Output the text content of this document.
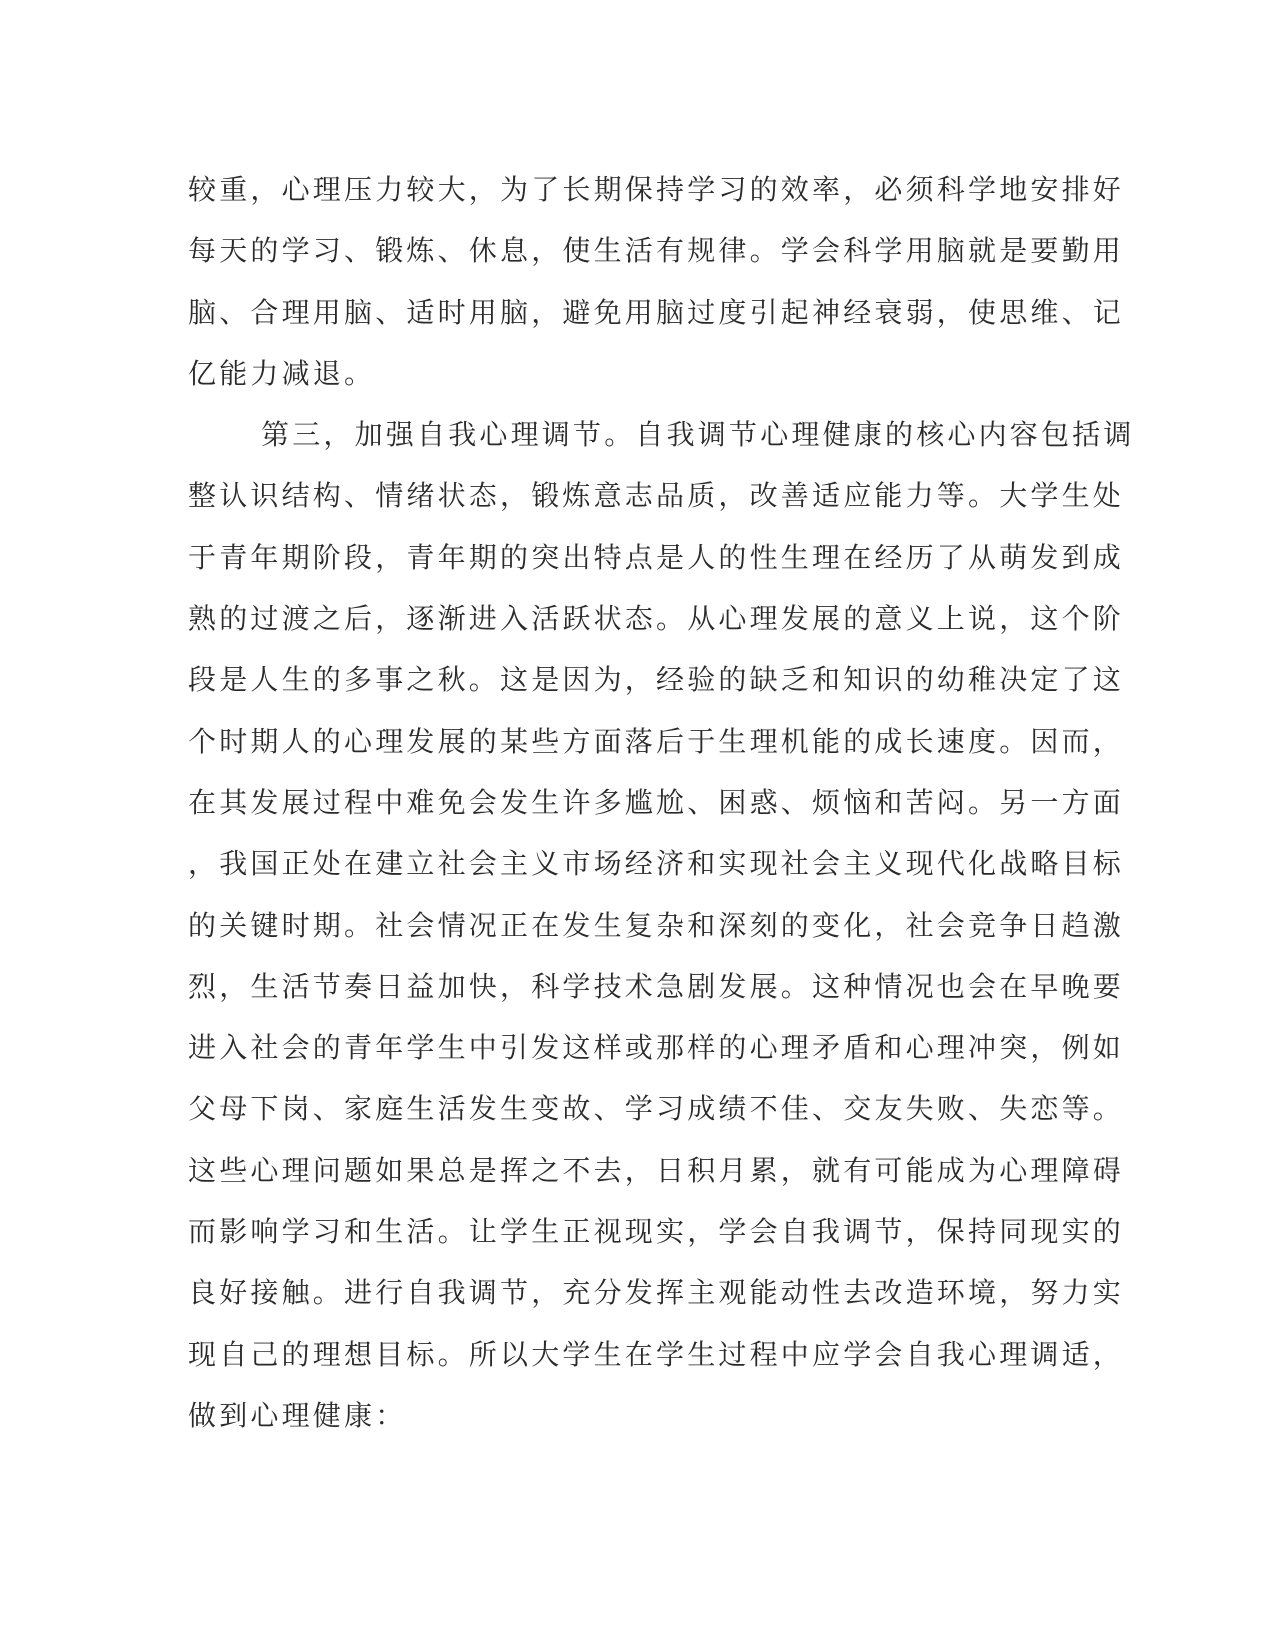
较重，心理压力较大，为了长期保持学习的效率，必须科学地安排好
每天的学习、锻炼、休息，使生活有规律。学会科学用脑就是要勤用
脑、合理用脑、适时用脑，避免用脑过度引起神经衰弱，使思维、记
亿能力减退。
第三，加强自我心理调节。自我调节心理健康的核心内容包括调
整认识结构、情绪状态，锻炼意志品质，改善适应能力等。大学生处
于青年期阶段，青年期的突出特点是人的性生理在经历了从萌发到成
熟的过渡之后，逐渐进入活跃状态。从心理发展的意义上说，这个阶
段是人生的多事之秋。这是因为，经验的缺乏和知识的幼稚决定了这
个时期人的心理发展的某些方面落后于生理机能的成长速度。因而，
在其发展过程中难免会发生许多尴尬、困惑、烦恼和苦闷。另一方面
，我国正处在建立社会主义市场经济和实现社会主义现代化战略目标
的关键时期。社会情况正在发生复杂和深刻的变化，社会竞争日趋激
烈，生活节奏日益加快，科学技术急剧发展。这种情况也会在早晚要
进入社会的青年学生中引发这样或那样的心理矛盾和心理冲突，例如
父母下岗、家庭生活发生变故、学习成绩不佳、交友失败、失恋等。
这些心理问题如果总是挥之不去，日积月累，就有可能成为心理障碍
而影响学习和生活。让学生正视现实，学会自我调节，保持同现实的
良好接触。进行自我调节，充分发挥主观能动性去改造环境，努力实
现自己的理想目标。所以大学生在学生过程中应学会自我心理调适，
做到心理健康：
